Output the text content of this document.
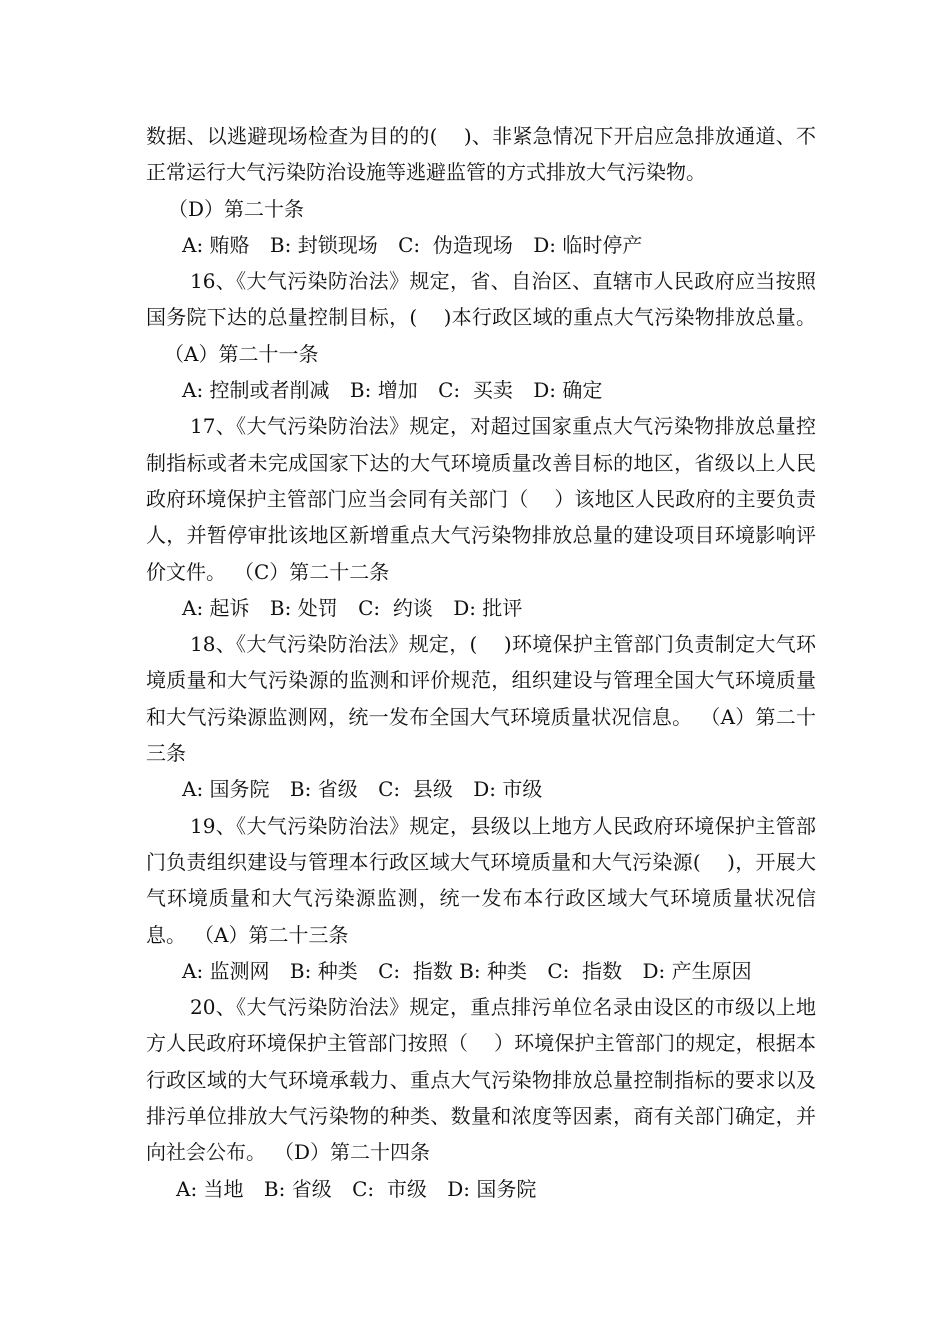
数据、以逃避现场检查为目的的(    )、非紧急情况下开启应急排放通道、不正常运行大气污染防治设施等逃避监管的方式排放大气污染物。
（D）第二十条

A: 贿赂 B: 封锁现场 C:  伪造现场 D: 临时停产

16、《大气污染防治法》规定，省、自治区、直辖市人民政府应当按照国务院下达的总量控制目标，(    )本行政区域的重点大气污染物排放总量。（A）第二十一条

A: 控制或者削减 B: 增加 C:  买卖 D: 确定

17、《大气污染防治法》规定，对超过国家重点大气污染物排放总量控制指标或者未完成国家下达的大气环境质量改善目标的地区，省级以上人民政府环境保护主管部门应当会同有关部门（    ）该地区人民政府的主要负责人，并暂停审批该地区新增重点大气污染物排放总量的建设项目环境影响评价文件。 （C）第二十二条

A: 起诉 B: 处罚 C:  约谈 D: 批评

18、《大气污染防治法》规定，(    )环境保护主管部门负责制定大气环境质量和大气污染源的监测和评价规范，组织建设与管理全国大气环境质量和大气污染源监测网，统一发布全国大气环境质量状况信息。 （A）第二十三条

A: 国务院 B: 省级 C:  县级 D: 市级

19、《大气污染防治法》规定，县级以上地方人民政府环境保护主管部门负责组织建设与管理本行政区域大气环境质量和大气污染源(    )，开展大气环境质量和大气污染源监测，统一发布本行政区域大气环境质量状况信息。 （A）第二十三条

A: 监测网 B: 种类 C:  指数 B: 种类 C:  指数 D: 产生原因

20、《大气污染防治法》规定，重点排污单位名录由设区的市级以上地方人民政府环境保护主管部门按照（    ）环境保护主管部门的规定，根据本行政区域的大气环境承载力、重点大气污染物排放总量控制指标的要求以及排污单位排放大气污染物的种类、数量和浓度等因素，商有关部门确定，并向社会公布。 （D）第二十四条

A: 当地 B: 省级 C:  市级 D: 国务院
